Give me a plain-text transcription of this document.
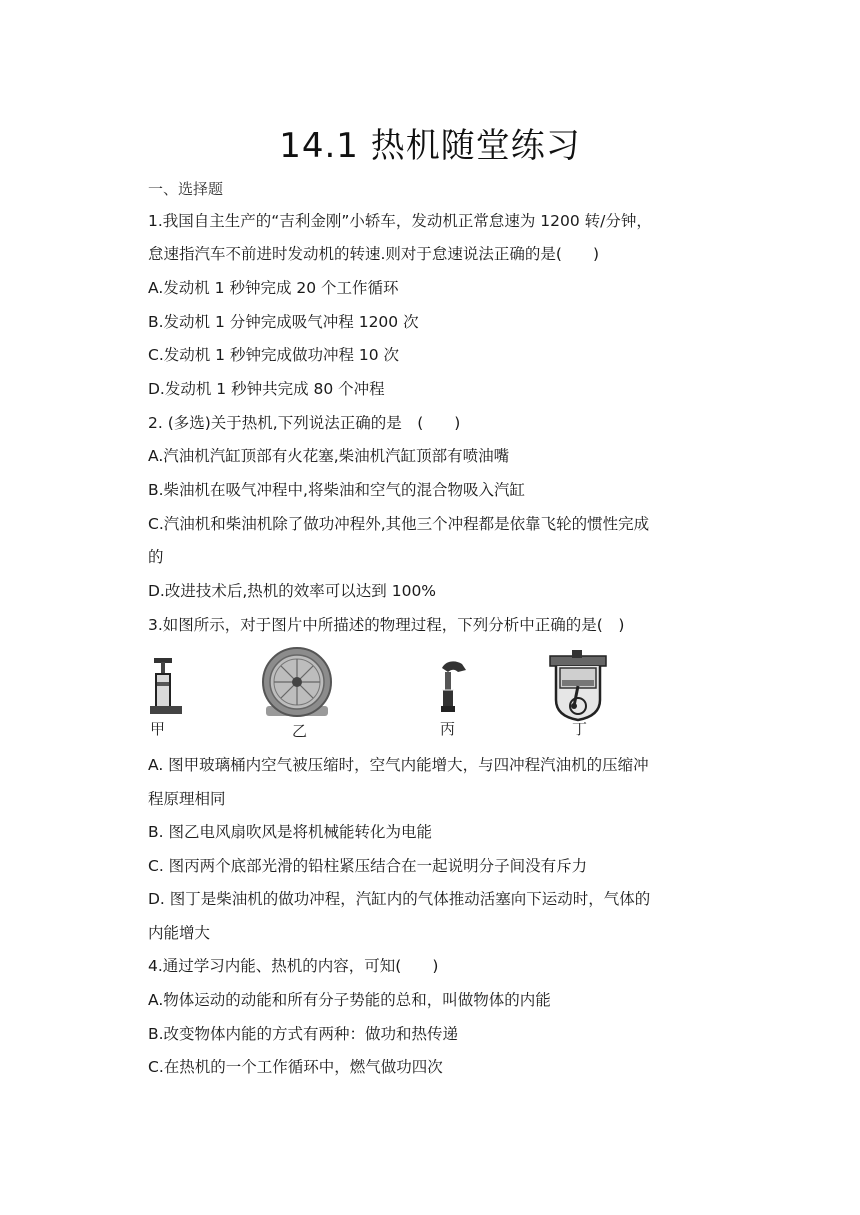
14.1 热机随堂练习
一、选择题
1.我国自主生产的“吉利金刚”小轿车，发动机正常怠速为 1200 转/分钟，
怠速指汽车不前进时发动机的转速.则对于怠速说法正确的是(　　)
A.发动机 1 秒钟完成 20 个工作循环
B.发动机 1 分钟完成吸气冲程 1200 次
C.发动机 1 秒钟完成做功冲程 10 次
D.发动机 1 秒钟共完成 80 个冲程
2. (多选)关于热机,下列说法正确的是　(　　)
A.汽油机汽缸顶部有火花塞,柴油机汽缸顶部有喷油嘴
B.柴油机在吸气冲程中,将柴油和空气的混合物吸入汽缸
C.汽油机和柴油机除了做功冲程外,其他三个冲程都是依靠飞轮的惯性完成
的
D.改进技术后,热机的效率可以达到 100%
3.如图所示，对于图片中所描述的物理过程，下列分析中正确的是(　)
甲	乙	丙	丁
A. 图甲玻璃桶内空气被压缩时，空气内能增大，与四冲程汽油机的压缩冲
程原理相同
B. 图乙电风扇吹风是将机械能转化为电能
C. 图丙两个底部光滑的铅柱紧压结合在一起说明分子间没有斥力
D. 图丁是柴油机的做功冲程，汽缸内的气体推动活塞向下运动时，气体的
内能增大
4.通过学习内能、热机的内容，可知(　　)
A.物体运动的动能和所有分子势能的总和，叫做物体的内能
B.改变物体内能的方式有两种：做功和热传递
C.在热机的一个工作循环中，燃气做功四次
